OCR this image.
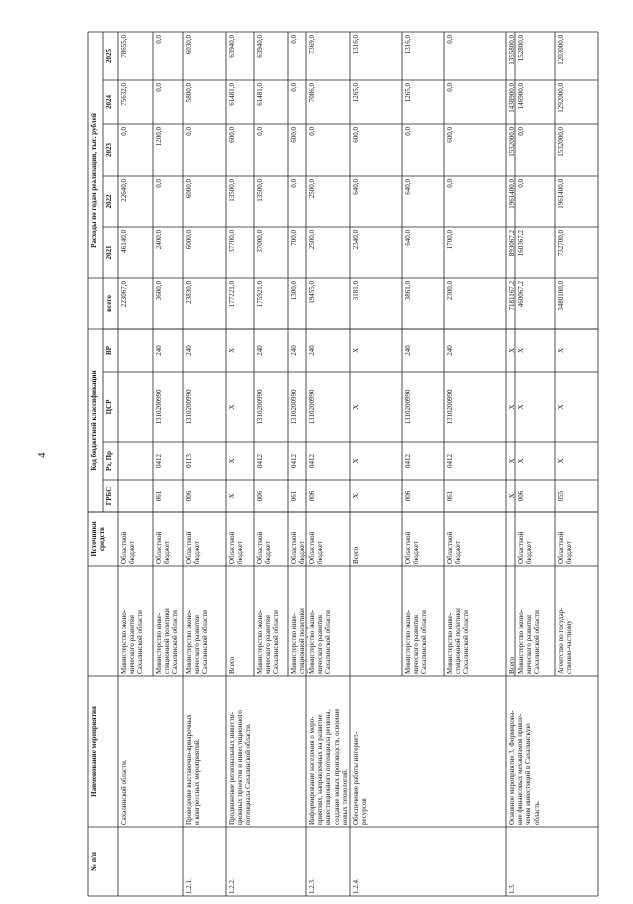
4
№ п/п
Наименование мероприятия
Источники средств
Код бюджетной классификации
ГРБС
Рз, Пр
ЦСР
ВР
Расходы по годам реализации, тыс. рублей
всего
2021
2022
2023
2024
2025
Сахалинской области.
Министерство эконо-
мического развития
Сахалинской области
Областной
бюджет
223067,0
46140,0
22640,0
0,0
75632,0
78655,0
Министерство инве-
стиционной политики
Сахалинской области
Областной
бюджет
061
0412
1310200990
240
3600,0
2400,0
0,0
1200,0
0,0
0,0
1.2.1.
Проведение выставочно-ярмарочных
и конгрессных мероприятий.
Министерство эконо-
мического развития
Сахалинской области
Областной
бюджет
006
0113
1310200990
240
23830,0
6000,0
6000,0
0,0
5800,0
6030,0
1.2.2.
Продвижение региональных инвести-
ционных проектов и инвестиционного
потенциала Сахалинской области.
Всего
Областной
бюджет
X
X
X
X
177221,0
37700,0
13500,0
600,0
61481,0
63940,0
Министерство эконо-
мического развития
Сахалинской области
Областной
бюджет
006
0412
1310200990
240
175921,0
37000,0
13500,0
0,0
61481,0
63940,0
Министерство инве-
стиционной политики

Областной
бюджет
061
0412
1310200990
240
1300,0
700,0
0,0
600,0
0,0
0,0
1.2.3.
Информирование населения о меро-
приятиях, направленных на развитие
инвестиционного потенциала региона,
создание новых производств, освоение
новых технологий.
Министерство эконо-
мического развития
Сахалинской области
Областной
бюджет
006
0412
1310200990
240
19455,0
2500,0
2500,0
0,0
7086,0
7369,0
1.2.4.
Обеспечение работы интернет-
ресурсов
Всего
X
X
X
X
3181,0
2340,0
640,0
600,0
1265,0
1316,0
Министерство эконо-
мического развития
Сахалинской области
Областной
бюджет
006
0412
1310200990
240
3861,0
640,0
640,0
0,0
1265,0
1316,0
Министерство инве-
стиционной политики
Сахалинской области
Областной
бюджет
061
0412
1310200990
240
2300,0
1700,0
0,0
600,0
0,0
0,0
1.3.
Основное мероприятие 3. Формирова-
ние финансовых механизмов привле-
чения инвестиций в Сахалинскую
область.
Всего
X
X
X
X
7181167,2
893067,2
1961400,0
1532000,0
1438900,0
1355800,0
Министерство эконо-
мического развития
Сахалинской области
Областной
бюджет
006
X
X
X
460067,2
160367,2
0,0
0,0
146900,0
152800,0
Агентство по государ-
ственно-частному
Областной
бюджет
055
X
X
X
3480100,0
732700,0
1961400,0
1532000,0
1292000,0
1203000,0
